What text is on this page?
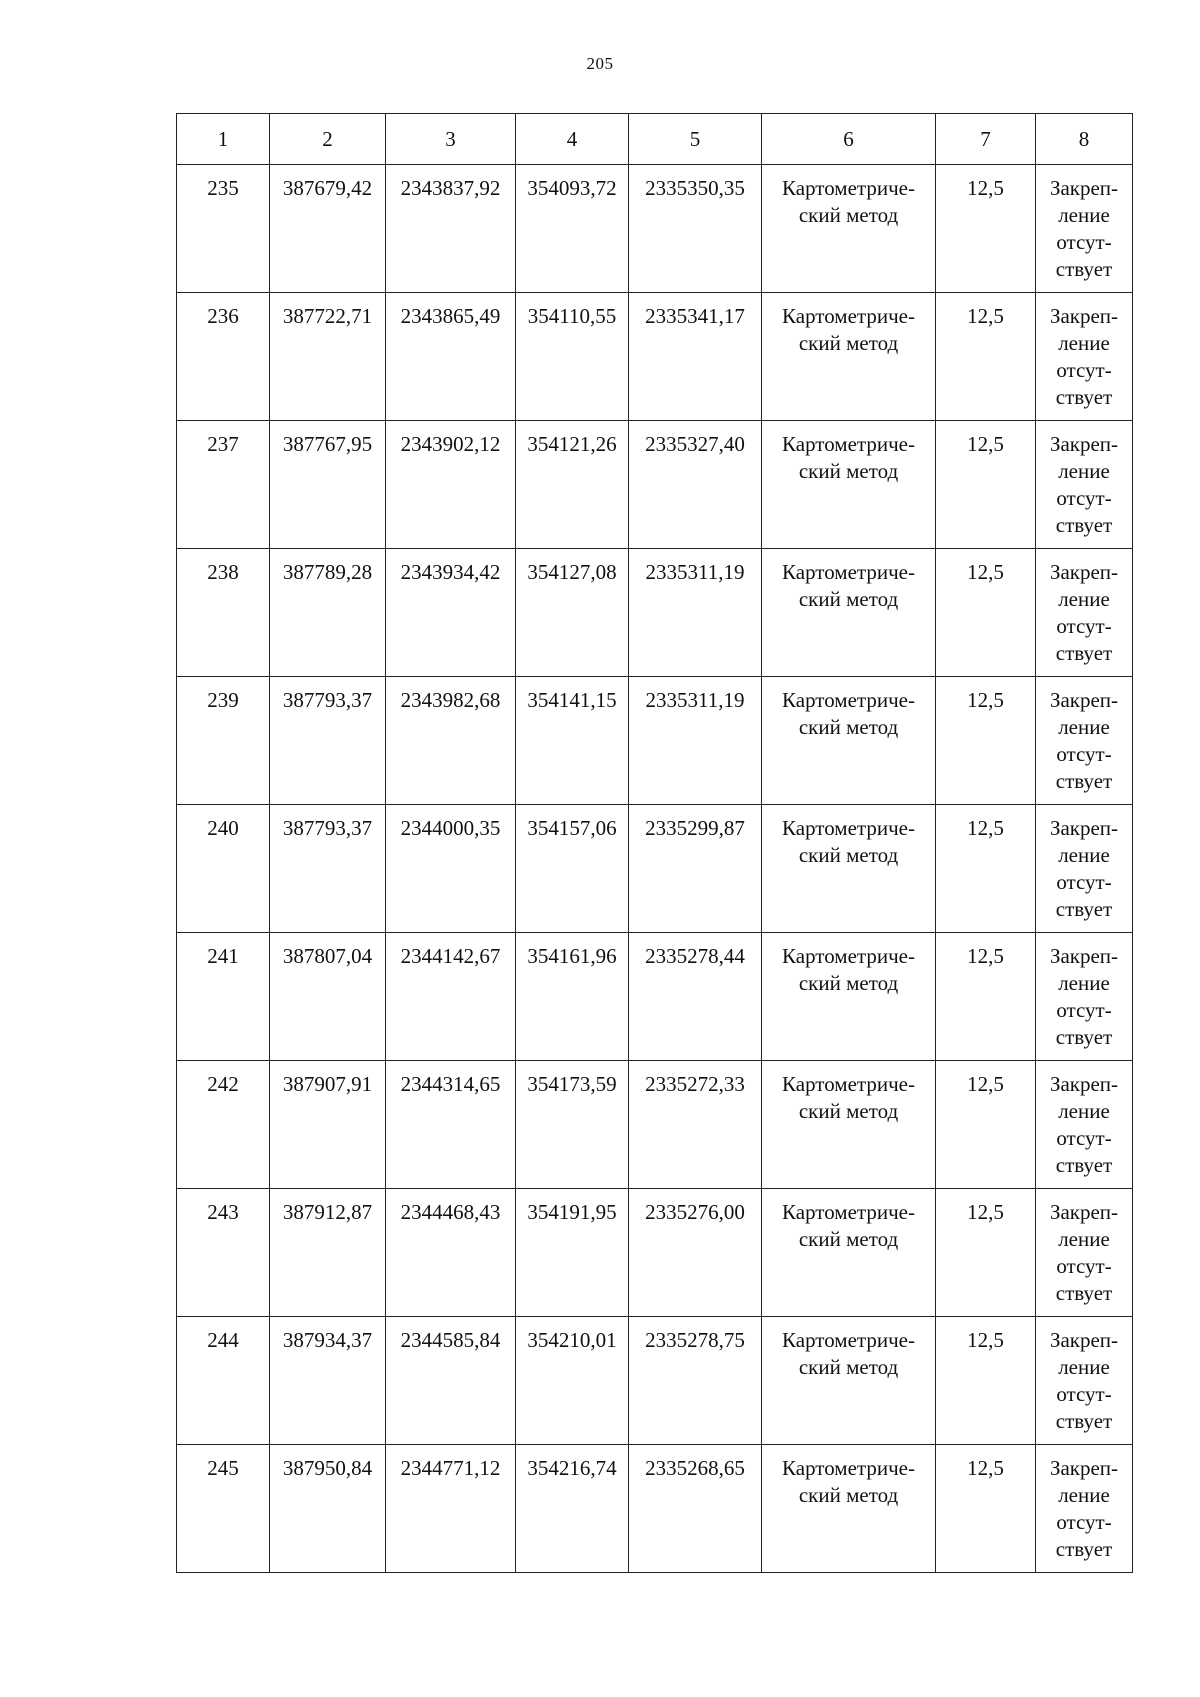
205
1	2	3	4	5	6	7	8
235	387679,42	2343837,92	354093,72	2335350,35	Картометриче-
ский метод	12,5	Закреп-
ление
отсут-
ствует

236	387722,71	2343865,49	354110,55	2335341,17	Картометриче-
ский метод	12,5	Закреп-
ление
отсут-
ствует

237	387767,95	2343902,12	354121,26	2335327,40	Картометриче-
ский метод	12,5	Закреп-
ление
отсут-
ствует

238	387789,28	2343934,42	354127,08	2335311,19	Картометриче-
ский метод	12,5	Закреп-
ление
отсут-
ствует

239	387793,37	2343982,68	354141,15	2335311,19	Картометриче-
ский метод	12,5	Закреп-
ление
отсут-
ствует

240	387793,37	2344000,35	354157,06	2335299,87	Картометриче-
ский метод	12,5	Закреп-
ление
отсут-
ствует

241	387807,04	2344142,67	354161,96	2335278,44	Картометриче-
ский метод	12,5	Закреп-
ление
отсут-
ствует

242	387907,91	2344314,65	354173,59	2335272,33	Картометриче-
ский метод	12,5	Закреп-
ление
отсут-
ствует

243	387912,87	2344468,43	354191,95	2335276,00	Картометриче-
ский метод	12,5	Закреп-
ление
отсут-
ствует

244	387934,37	2344585,84	354210,01	2335278,75	Картометриче-
ский метод	12,5	Закреп-
ление
отсут-
ствует

245	387950,84	2344771,12	354216,74	2335268,65	Картометриче-
ский метод	12,5	Закреп-
ление
отсут-
ствует
